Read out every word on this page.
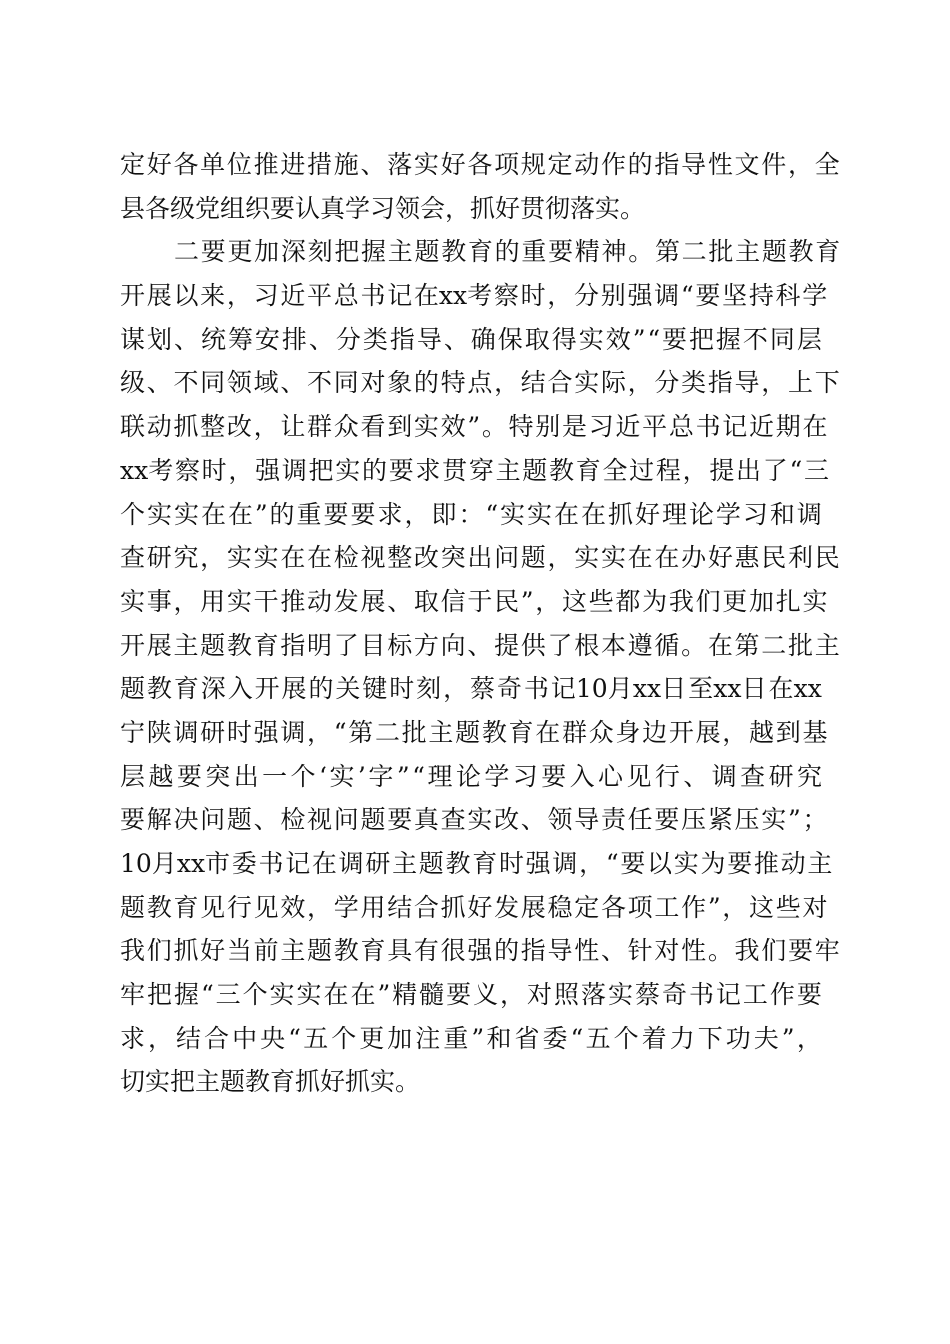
定 好 各 单 位 推 进 措 施 、 落 实 好 各 项 规 定 动 作 的 指 导 性 文 件 ， 全
县各级党组织要认真学习领会，抓好贯彻落实。
二 要 更 加 深 刻 把 握 主 题 教 育 的 重 要 精 神 。 第 二 批 主 题 教 育
开 展 以 来 ， 习 近 平 总 书 记 在xx考 察 时 ， 分 别 强 调 “ 要 坚 持 科 学
谋 划 、 统 筹 安 排 、 分 类 指 导 、 确 保 取 得 实 效 ” “ 要 把 握 不 同 层
级 、 不 同 领 域 、 不 同 对 象 的 特 点 ， 结 合 实 际 ， 分 类 指 导 ， 上 下
联 动 抓 整 改 ， 让 群 众 看 到 实 效 ” 。 特 别 是 习 近 平 总 书 记 近 期 在
xx考 察 时 ， 强 调 把 实 的 要 求 贯 穿 主 题 教 育 全 过 程 ， 提 出 了 “ 三
个 实 实 在 在 ” 的 重 要 要 求 ， 即 ： “ 实 实 在 在 抓 好 理 论 学 习 和 调
查 研 究 ， 实 实 在 在 检 视 整 改 突 出 问 题 ， 实 实 在 在 办 好 惠 民 利 民
实 事 ， 用 实 干 推 动 发 展 、 取 信 于 民 ” ， 这 些 都 为 我 们 更 加 扎 实
开 展 主 题 教 育 指 明 了 目 标 方 向 、 提 供 了 根 本 遵 循 。 在 第 二 批 主
题 教 育 深 入 开 展 的 关 键 时 刻 ， 蔡 奇 书 记10月xx日 至xx日 在xx
宁 陕 调 研 时 强 调 ， “ 第 二 批 主 题 教 育 在 群 众 身 边 开 展 ， 越 到 基
层 越 要 突 出 一 个 ‘ 实 ’ 字 ” “ 理 论 学 习 要 入 心 见 行 、 调 查 研 究
要 解 决 问 题 、 检 视 问 题 要 真 查 实 改 、 领 导 责 任 要 压 紧 压 实 ” ；
10月xx市 委 书 记 在 调 研 主 题 教 育 时 强 调 ， “ 要 以 实 为 要 推 动 主
题 教 育 见 行 见 效 ， 学 用 结 合 抓 好 发 展 稳 定 各 项 工 作 ” ， 这 些 对
我 们 抓 好 当 前 主 题 教 育 具 有 很 强 的 指 导 性 、 针 对 性 。 我 们 要 牢
牢 把 握 “ 三 个 实 实 在 在 ” 精 髓 要 义 ， 对 照 落 实 蔡 奇 书 记 工 作 要
求 ， 结 合 中 央 “ 五 个 更 加 注 重 ” 和 省 委 “ 五 个 着 力 下 功 夫 ” ，
切实把主题教育抓好抓实。
